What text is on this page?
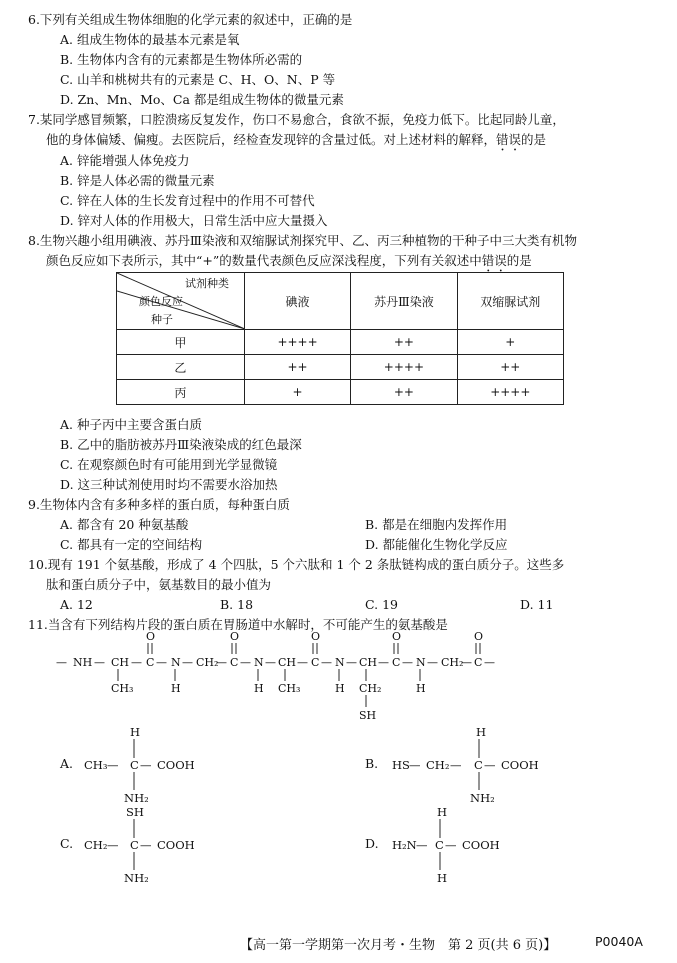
6.下列有关组成生物体细胞的化学元素的叙述中，正确的是
A. 组成生物体的最基本元素是氧
B. 生物体内含有的元素都是生物体所必需的
C. 山羊和桃树共有的元素是 C、H、O、N、P 等
D. Zn、Mn、Mo、Ca 都是组成生物体的微量元素
7.某同学感冒频繁，口腔溃疡反复发作，伤口不易愈合，食欲不振，免疫力低下。比起同龄儿童，
他的身体偏矮、偏瘦。去医院后，经检查发现锌的含量过低。对上述材料的解释，错误的是
A. 锌能增强人体免疫力
B. 锌是人体必需的微量元素
C. 锌在人体的生长发育过程中的作用不可替代
D. 锌对人体的作用极大，日常生活中应大量摄入
8.生物兴趣小组用碘液、苏丹Ⅲ染液和双缩脲试剂探究甲、乙、丙三种植物的干种子中三大类有机物
颜色反应如下表所示，其中“+”的数量代表颜色反应深浅程度，下列有关叙述中错误的是
试剂种类
颜色反应
种子	碘液	苏丹Ⅲ染液	双缩脲试剂
甲	++++	++	+
乙	++	++++	++
丙	+	++	++++
A. 种子丙中主要含蛋白质
B. 乙中的脂肪被苏丹Ⅲ染液染成的红色最深
C. 在观察颜色时有可能用到光学显微镜
D. 这三种试剂使用时均不需要水浴加热
9.生物体内含有多种多样的蛋白质，每种蛋白质
A. 都含有 20 种氨基酸	B. 都是在细胞内发挥作用
C. 都具有一定的空间结构	D. 都能催化生物化学反应
10.现有 191 个氨基酸，形成了 4 个四肽，5 个六肽和 1 个 2 条肽链构成的蛋白质分子。这些多
肽和蛋白质分子中，氨基数目的最小值为
A. 12	B. 18	C. 19	D. 11
11.当含有下列结构片段的蛋白质在胃肠道中水解时，不可能产生的氨基酸是
— NH — CH — C — N — CH₂
— C — N — CH — C — N — CH — C — N — CH₂
— C —
O	O	O	O	O
H	H	H	H
CH₃	CH₃	CH₂
SH
A.
H
CH₃ — C — COOH
NH₂
B.
H
HS — CH₂ — C — COOH
NH₂
C.
SH
CH₂ — C — COOH
NH₂
D.
H
H₂N — C — COOH
H
【高一第一学期第一次月考・生物　第 2 页(共 6 页)】	P0040A
